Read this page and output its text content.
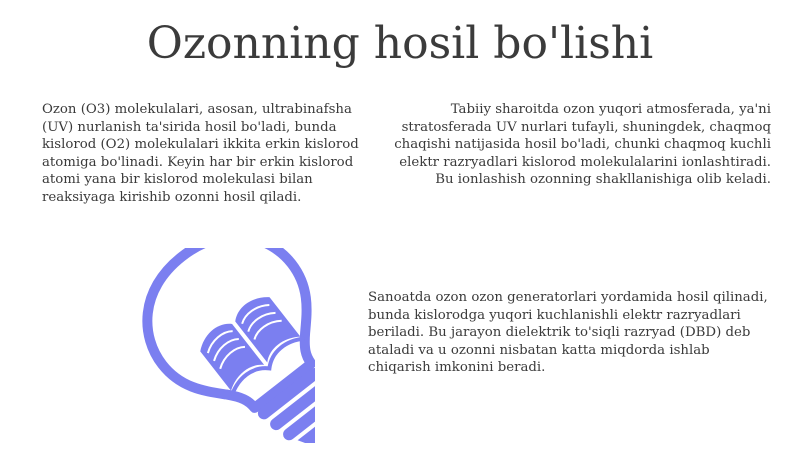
Ozonning hosil bo'lishi

Ozon (O3) molekulalari, asosan, ultrabinafsha (UV) nurlanish ta'sirida hosil bo'ladi, bunda kislorod (O2) molekulalari ikkita erkin kislorod atomiga bo'linadi. Keyin har bir erkin kislorod atomi yana bir kislorod molekulasi bilan reaksiyaga kirishib ozonni hosil qiladi.

Tabiiy sharoitda ozon yuqori atmosferada, ya'ni stratosferada UV nurlari tufayli, shuningdek, chaqmoq chaqishi natijasida hosil bo'ladi, chunki chaqmoq kuchli elektr razryadlari kislorod molekulalarini ionlashtiradi. Bu ionlashish ozonning shakllanishiga olib keladi.

Sanoatda ozon ozon generatorlari yordamida hosil qilinadi, bunda kislorodga yuqori kuchlanishli elektr razryadlari beriladi. Bu jarayon dielektrik to'siqli razryad (DBD) deb ataladi va u ozonni nisbatan katta miqdorda ishlab chiqarish imkonini beradi.
